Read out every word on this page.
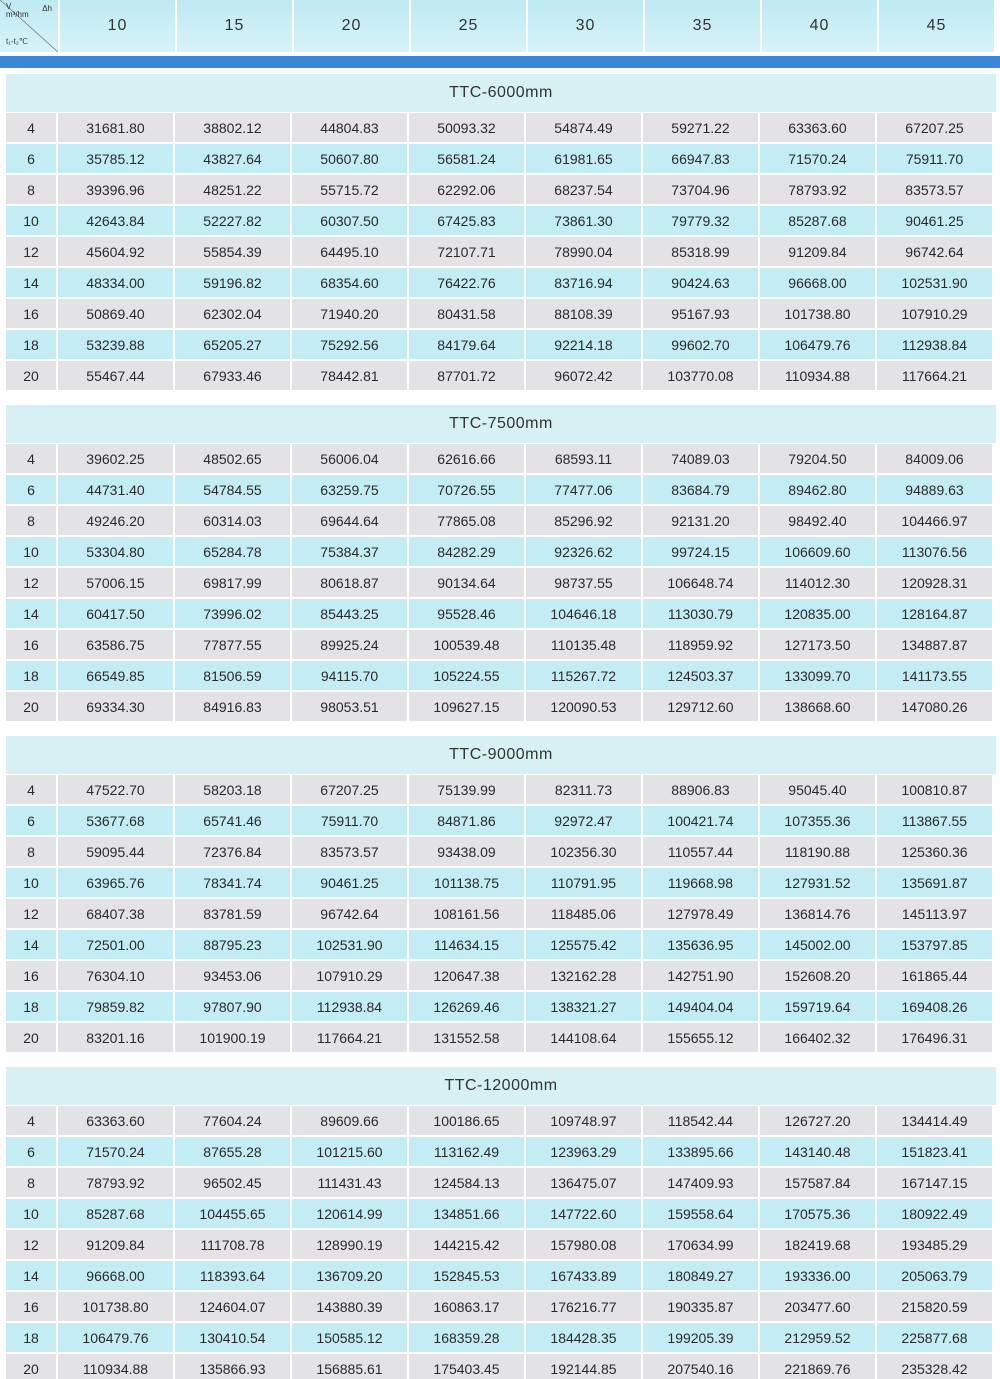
V
m³/hm
Δh
t₁-t₂℃
10	15	20	25	30	35	40	45
TTC-6000mm
4	31681.80	38802.12	44804.83	50093.32	54874.49	59271.22	63363.60	67207.25
6	35785.12	43827.64	50607.80	56581.24	61981.65	66947.83	71570.24	75911.70
8	39396.96	48251.22	55715.72	62292.06	68237.54	73704.96	78793.92	83573.57
10	42643.84	52227.82	60307.50	67425.83	73861.30	79779.32	85287.68	90461.25
12	45604.92	55854.39	64495.10	72107.71	78990.04	85318.99	91209.84	96742.64
14	48334.00	59196.82	68354.60	76422.76	83716.94	90424.63	96668.00	102531.90
16	50869.40	62302.04	71940.20	80431.58	88108.39	95167.93	101738.80	107910.29
18	53239.88	65205.27	75292.56	84179.64	92214.18	99602.70	106479.76	112938.84
20	55467.44	67933.46	78442.81	87701.72	96072.42	103770.08	110934.88	117664.21
TTC-7500mm
4	39602.25	48502.65	56006.04	62616.66	68593.11	74089.03	79204.50	84009.06
6	44731.40	54784.55	63259.75	70726.55	77477.06	83684.79	89462.80	94889.63
8	49246.20	60314.03	69644.64	77865.08	85296.92	92131.20	98492.40	104466.97
10	53304.80	65284.78	75384.37	84282.29	92326.62	99724.15	106609.60	113076.56
12	57006.15	69817.99	80618.87	90134.64	98737.55	106648.74	114012.30	120928.31
14	60417.50	73996.02	85443.25	95528.46	104646.18	113030.79	120835.00	128164.87
16	63586.75	77877.55	89925.24	100539.48	110135.48	118959.92	127173.50	134887.87
18	66549.85	81506.59	94115.70	105224.55	115267.72	124503.37	133099.70	141173.55
20	69334.30	84916.83	98053.51	109627.15	120090.53	129712.60	138668.60	147080.26
TTC-9000mm
4	47522.70	58203.18	67207.25	75139.99	82311.73	88906.83	95045.40	100810.87
6	53677.68	65741.46	75911.70	84871.86	92972.47	100421.74	107355.36	113867.55
8	59095.44	72376.84	83573.57	93438.09	102356.30	110557.44	118190.88	125360.36
10	63965.76	78341.74	90461.25	101138.75	110791.95	119668.98	127931.52	135691.87
12	68407.38	83781.59	96742.64	108161.56	118485.06	127978.49	136814.76	145113.97
14	72501.00	88795.23	102531.90	114634.15	125575.42	135636.95	145002.00	153797.85
16	76304.10	93453.06	107910.29	120647.38	132162.28	142751.90	152608.20	161865.44
18	79859.82	97807.90	112938.84	126269.46	138321.27	149404.04	159719.64	169408.26
20	83201.16	101900.19	117664.21	131552.58	144108.64	155655.12	166402.32	176496.31
TTC-12000mm
4	63363.60	77604.24	89609.66	100186.65	109748.97	118542.44	126727.20	134414.49
6	71570.24	87655.28	101215.60	113162.49	123963.29	133895.66	143140.48	151823.41
8	78793.92	96502.45	111431.43	124584.13	136475.07	147409.93	157587.84	167147.15
10	85287.68	104455.65	120614.99	134851.66	147722.60	159558.64	170575.36	180922.49
12	91209.84	111708.78	128990.19	144215.42	157980.08	170634.99	182419.68	193485.29
14	96668.00	118393.64	136709.20	152845.53	167433.89	180849.27	193336.00	205063.79
16	101738.80	124604.07	143880.39	160863.17	176216.77	190335.87	203477.60	215820.59
18	106479.76	130410.54	150585.12	168359.28	184428.35	199205.39	212959.52	225877.68
20	110934.88	135866.93	156885.61	175403.45	192144.85	207540.16	221869.76	235328.42
